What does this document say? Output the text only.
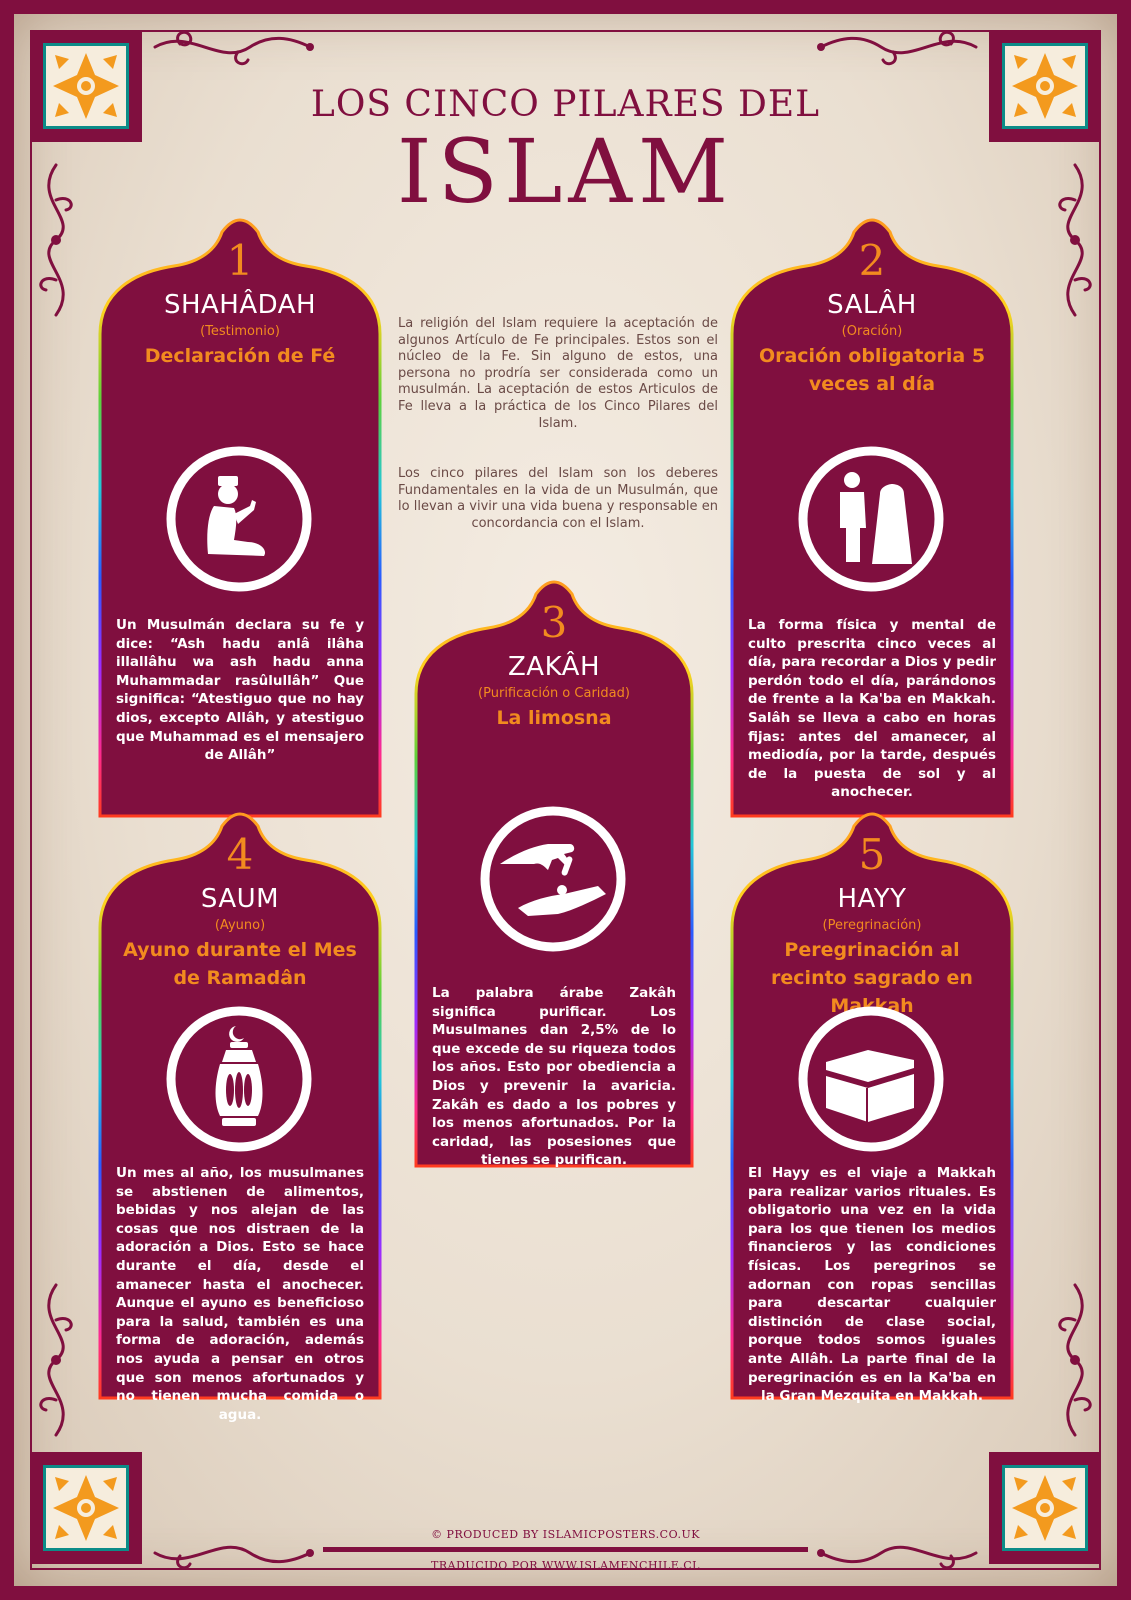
LOS CINCO PILARES DEL
ISLAM
1
SHAHÂDAH
(Testimonio)
Declaración de Fé
Un Musulmán declara su fe y dice: “Ash hadu anlâ ilâha illallâhu wa ash hadu anna Muhammadar rasûlullâh” Que significa: “Atestiguo que no hay dios, excepto Allâh, y atestiguo que Muhammad es el mensajero de Allâh”
2
SALÂH
(Oración)
Oración obligatoria 5 veces al día
La forma física y mental de culto prescrita cinco veces al día, para recordar a Dios y pedir perdón todo el día, parándonos de frente a la Ka'ba en Makkah. Salâh se lleva a cabo en horas fijas: antes del amanecer, al mediodía, por la tarde, después de la puesta de sol y al anochecer.
3
ZAKÂH
(Purificación o Caridad)
La limosna
La palabra árabe Zakâh significa purificar. Los Musulmanes dan 2,5% de lo que excede de su riqueza todos los años. Esto por obediencia a Dios y prevenir la avaricia. Zakâh es dado a los pobres y los menos afortunados. Por la caridad, las posesiones que tienes se purifican.
4
SAUM
(Ayuno)
Ayuno durante el Mes de Ramadân
Un mes al año, los musulmanes se abstienen de alimentos, bebidas y nos alejan de las cosas que nos distraen de la adoración a Dios. Esto se hace durante el día, desde el amanecer hasta el anochecer. Aunque el ayuno es beneficioso para la salud, también es una forma de adoración, además nos ayuda a pensar en otros que son menos afortunados y no tienen mucha comida o agua.
5
HAYY
(Peregrinación)
Peregrinación al recinto sagrado en Makkah
El Hayy es el viaje a Makkah para realizar varios rituales. Es obligatorio una vez en la vida para los que tienen los medios financieros y las condiciones físicas. Los peregrinos se adornan con ropas sencillas para descartar cualquier distinción de clase social, porque todos somos iguales ante Allâh. La parte final de la peregrinación es en la Ka'ba en la Gran Mezquita en Makkah.
La religión del Islam requiere la aceptación de algunos Artículo de Fe principales. Estos son el núcleo de la Fe. Sin alguno de estos, una persona no prodría ser considerada como un musulmán. La aceptación de estos Articulos de Fe lleva a la práctica de los Cinco Pilares del Islam.
Los cinco pilares del Islam son los deberes Fundamentales en la vida de un Musulmán, que lo llevan a vivir una vida buena y responsable en concordancia con el Islam.
© PRODUCED BY ISLAMICPOSTERS.CO.UK
TRADUCIDO POR WWW.ISLAMENCHILE.CL
